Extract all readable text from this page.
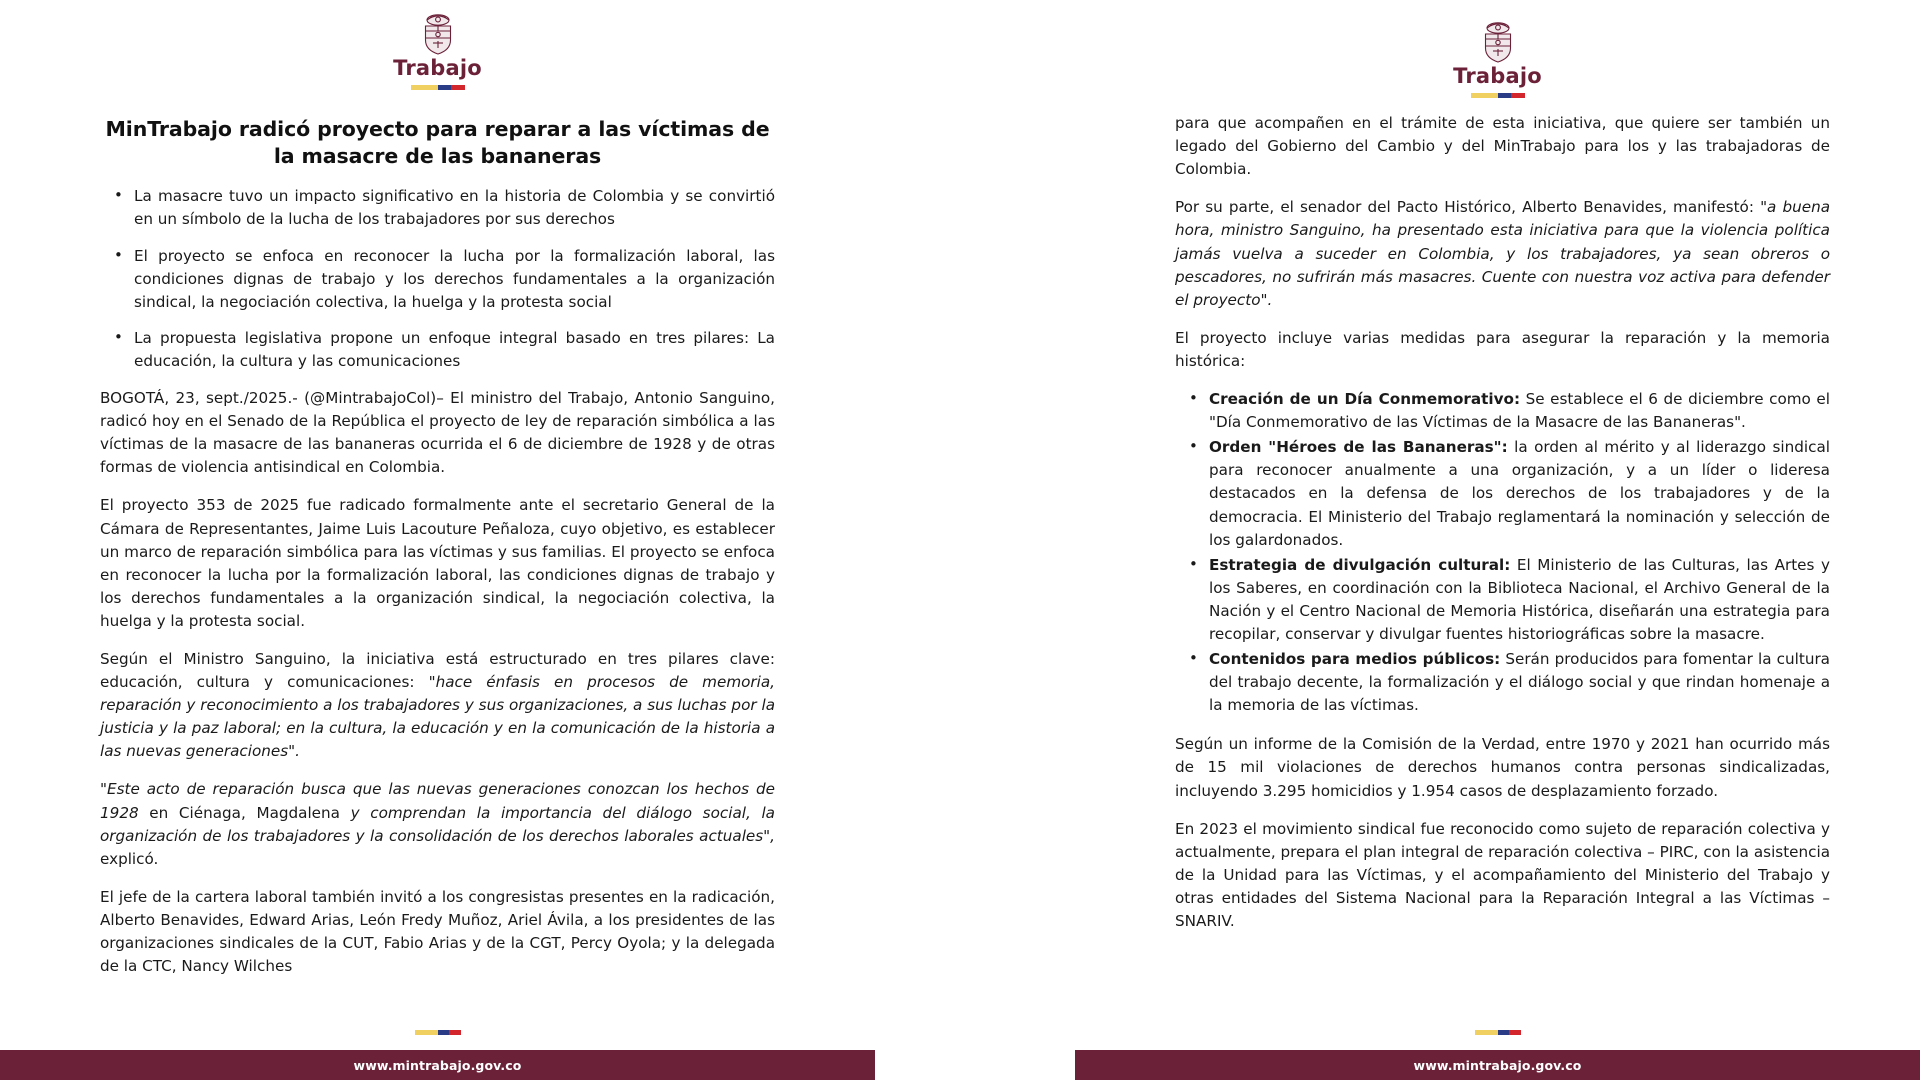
Trabajo
MinTrabajo radicó proyecto para reparar a las víctimas de la masacre de las bananeras
• La masacre tuvo un impacto significativo en la historia de Colombia y se convirtió en un símbolo de la lucha de los trabajadores por sus derechos
• El proyecto se enfoca en reconocer la lucha por la formalización laboral, las condiciones dignas de trabajo y los derechos fundamentales a la organización sindical, la negociación colectiva, la huelga y la protesta social
• La propuesta legislativa propone un enfoque integral basado en tres pilares: La educación, la cultura y las comunicaciones

BOGOTÁ, 23, sept./2025.- (@MintrabajoCol)– El ministro del Trabajo, Antonio Sanguino, radicó hoy en el Senado de la República el proyecto de ley de reparación simbólica a las víctimas de la masacre de las bananeras ocurrida el 6 de diciembre de 1928 y de otras formas de violencia antisindical en Colombia.

El proyecto 353 de 2025 fue radicado formalmente ante el secretario General de la Cámara de Representantes, Jaime Luis Lacouture Peñaloza, cuyo objetivo, es establecer un marco de reparación simbólica para las víctimas y sus familias. El proyecto se enfoca en reconocer la lucha por la formalización laboral, las condiciones dignas de trabajo y los derechos fundamentales a la organización sindical, la negociación colectiva, la huelga y la protesta social.

Según el Ministro Sanguino, la iniciativa está estructurado en tres pilares clave: educación, cultura y comunicaciones: "hace énfasis en procesos de memoria, reparación y reconocimiento a los trabajadores y sus organizaciones, a sus luchas por la justicia y la paz laboral; en la cultura, la educación y en la comunicación de la historia a las nuevas generaciones".

"Este acto de reparación busca que las nuevas generaciones conozcan los hechos de 1928 en Ciénaga, Magdalena y comprendan la importancia del diálogo social, la organización de los trabajadores y la consolidación de los derechos laborales actuales", explicó.

El jefe de la cartera laboral también invitó a los congresistas presentes en la radicación, Alberto Benavides, Edward Arias, León Fredy Muñoz, Ariel Ávila, a los presidentes de las organizaciones sindicales de la CUT, Fabio Arias y de la CGT, Percy Oyola; y la delegada de la CTC, Nancy Wilches

www.mintrabajo.gov.co
Trabajo

para que acompañen en el trámite de esta iniciativa, que quiere ser también un legado del Gobierno del Cambio y del MinTrabajo para los y las trabajadoras de Colombia.

Por su parte, el senador del Pacto Histórico, Alberto Benavides, manifestó: "a buena hora, ministro Sanguino, ha presentado esta iniciativa para que la violencia política jamás vuelva a suceder en Colombia, y los trabajadores, ya sean obreros o pescadores, no sufrirán más masacres. Cuente con nuestra voz activa para defender el proyecto".

El proyecto incluye varias medidas para asegurar la reparación y la memoria histórica:

• Creación de un Día Conmemorativo: Se establece el 6 de diciembre como el "Día Conmemorativo de las Víctimas de la Masacre de las Bananeras".
• Orden "Héroes de las Bananeras": la orden al mérito y al liderazgo sindical para reconocer anualmente a una organización, y a un líder o lideresa destacados en la defensa de los derechos de los trabajadores y de la democracia. El Ministerio del Trabajo reglamentará la nominación y selección de los galardonados.
• Estrategia de divulgación cultural: El Ministerio de las Culturas, las Artes y los Saberes, en coordinación con la Biblioteca Nacional, el Archivo General de la Nación y el Centro Nacional de Memoria Histórica, diseñarán una estrategia para recopilar, conservar y divulgar fuentes historiográficas sobre la masacre.
• Contenidos para medios públicos: Serán producidos para fomentar la cultura del trabajo decente, la formalización y el diálogo social y que rindan homenaje a la memoria de las víctimas.

Según un informe de la Comisión de la Verdad, entre 1970 y 2021 han ocurrido más de 15 mil violaciones de derechos humanos contra personas sindicalizadas, incluyendo 3.295 homicidios y 1.954 casos de desplazamiento forzado.

En 2023 el movimiento sindical fue reconocido como sujeto de reparación colectiva y actualmente, prepara el plan integral de reparación colectiva – PIRC, con la asistencia de la Unidad para las Víctimas, y el acompañamiento del Ministerio del Trabajo y otras entidades del Sistema Nacional para la Reparación Integral a las Víctimas – SNARIV.

www.mintrabajo.gov.co
